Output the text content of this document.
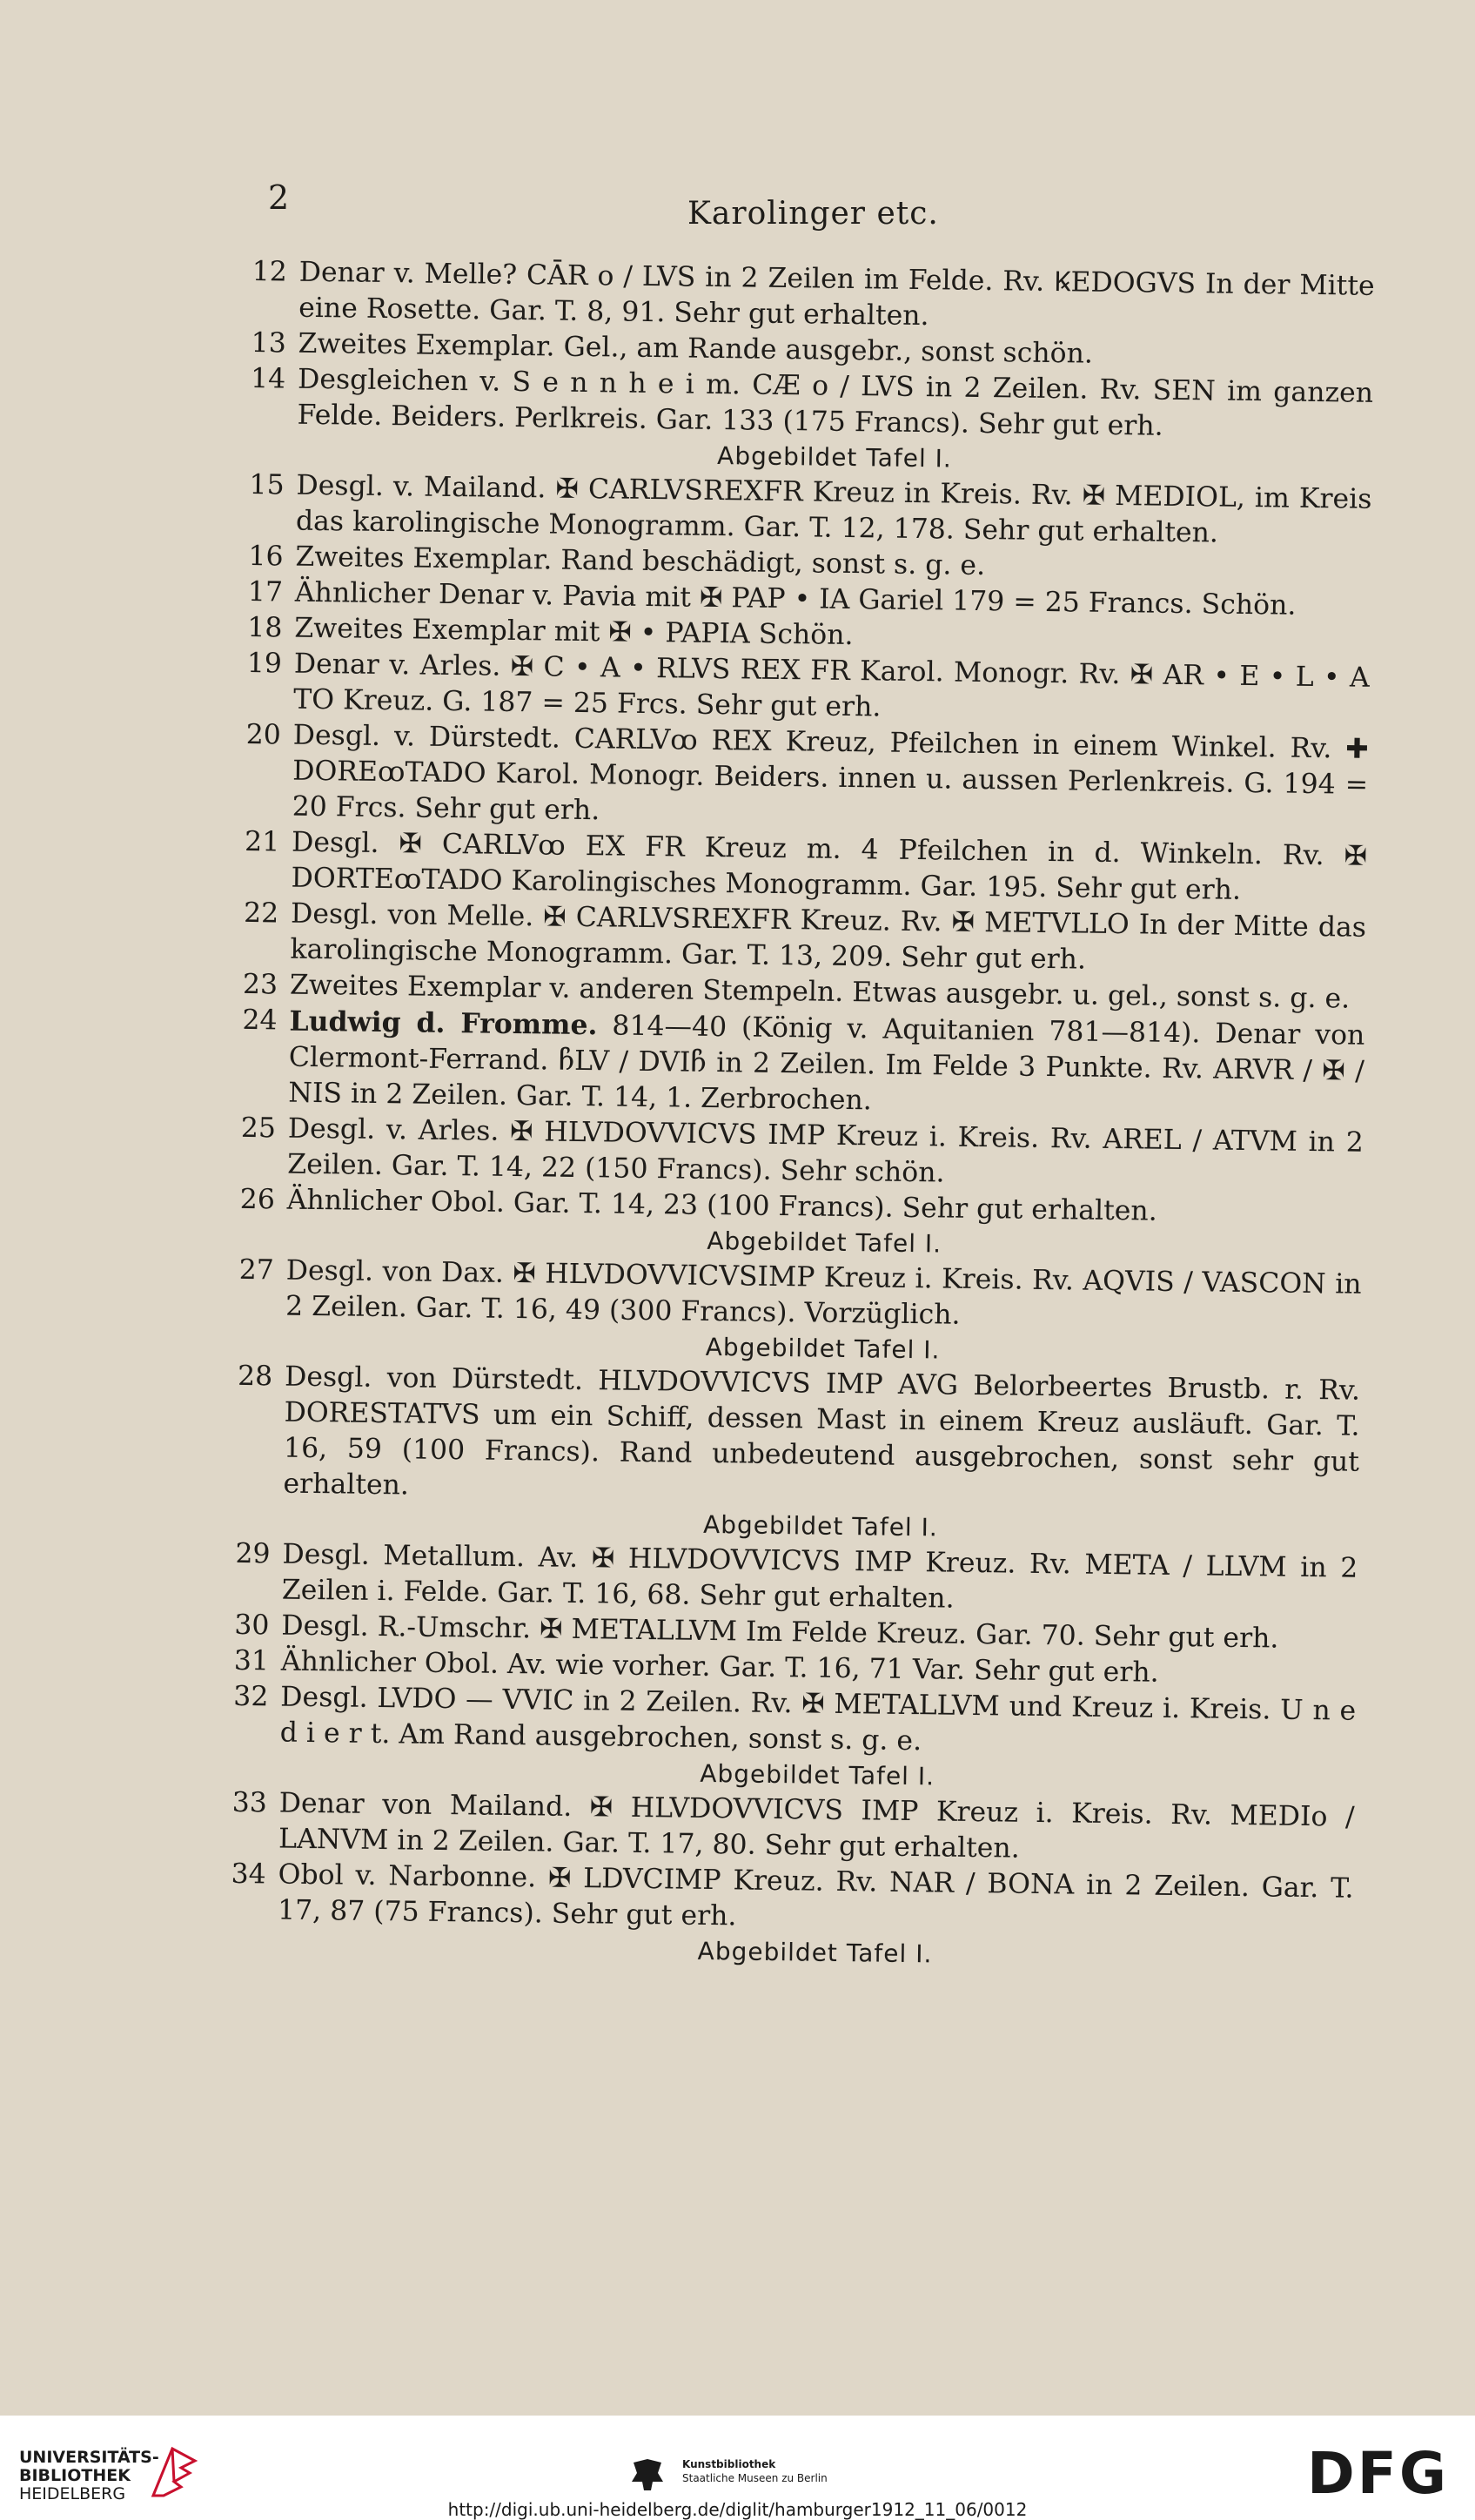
2	Karolinger etc.
12 Denar v. Melle? CĀR o / LVS in 2 Zeilen im Felde. Rv. ꝂEDOGVS In der Mitte eine Rosette. Gar. T. 8, 91. Sehr gut erhalten.
13 Zweites Exemplar. Gel., am Rande ausgebr., sonst schön.
14 Desgleichen v. S e n n h e i m. CÆ o / LVS in 2 Zeilen. Rv. SEN im ganzen Felde. Beiders. Perlkreis. Gar. 133 (175 Francs). Sehr gut erh.
Abgebildet Tafel I.
15 Desgl. v. Mailand. ✠ CARLVSREXFR Kreuz in Kreis. Rv. ✠ MEDIOL, im Kreis das karolingische Monogramm. Gar. T. 12, 178. Sehr gut erhalten.
16 Zweites Exemplar. Rand beschädigt, sonst s. g. e.
17 Ähnlicher Denar v. Pavia mit ✠ PAP • IA Gariel 179 = 25 Francs. Schön.
18 Zweites Exemplar mit ✠ • PAPIA Schön.
19 Denar v. Arles. ✠ C • A • RLVS REX FR Karol. Monogr. Rv. ✠ AR • E • L • A TO Kreuz. G. 187 = 25 Frcs. Sehr gut erh.
20 Desgl. v. Dürstedt. CARLVꝏ REX Kreuz, Pfeilchen in einem Winkel. Rv. ✚ DOREꝏTADO Karol. Monogr. Beiders. innen u. aussen Perlenkreis. G. 194 = 20 Frcs. Sehr gut erh.
21 Desgl. ✠ CARLVꝏ EX FR Kreuz m. 4 Pfeilchen in d. Winkeln. Rv. ✠ DORTEꝏTADO Karolingisches Monogramm. Gar. 195. Sehr gut erh.
22 Desgl. von Melle. ✠ CARLVSREXFR Kreuz. Rv. ✠ METVLLO In der Mitte das karolingische Monogramm. Gar. T. 13, 209. Sehr gut erh.
23 Zweites Exemplar v. anderen Stempeln. Etwas ausgebr. u. gel., sonst s. g. e.
24 Ludwig d. Fromme. 814—40 (König v. Aquitanien 781—814). Denar von Clermont-Ferrand. ჩLV / DVIჩ in 2 Zeilen. Im Felde 3 Punkte. Rv. ARVR / ✠ / NIS in 2 Zeilen. Gar. T. 14, 1. Zerbrochen.
25 Desgl. v. Arles. ✠ HLVDOVVICVS IMP Kreuz i. Kreis. Rv. AREL / ATVM in 2 Zeilen. Gar. T. 14, 22 (150 Francs). Sehr schön.
26 Ähnlicher Obol. Gar. T. 14, 23 (100 Francs). Sehr gut erhalten.
Abgebildet Tafel I.
27 Desgl. von Dax. ✠ HLVDOVVICVSIMP Kreuz i. Kreis. Rv. AQVIS / VASCON in 2 Zeilen. Gar. T. 16, 49 (300 Francs). Vorzüglich.
Abgebildet Tafel I.
28 Desgl. von Dürstedt. HLVDOVVICVS IMP AVG Belorbeertes Brustb. r. Rv. DORESTATVS um ein Schiff, dessen Mast in einem Kreuz ausläuft. Gar. T. 16, 59 (100 Francs). Rand unbedeutend ausgebrochen, sonst sehr gut erhalten.
Abgebildet Tafel I.
29 Desgl. Metallum. Av. ✠ HLVDOVVICVS IMP Kreuz. Rv. META / LLVM in 2 Zeilen i. Felde. Gar. T. 16, 68. Sehr gut erhalten.
30 Desgl. R.-Umschr. ✠ METALLVM Im Felde Kreuz. Gar. 70. Sehr gut erh.
31 Ähnlicher Obol. Av. wie vorher. Gar. T. 16, 71 Var. Sehr gut erh.
32 Desgl. LVDO — VVIC in 2 Zeilen. Rv. ✠ METALLVM und Kreuz i. Kreis. U n e d i e r t. Am Rand ausgebrochen, sonst s. g. e.
Abgebildet Tafel I.
33 Denar von Mailand. ✠ HLVDOVVICVS IMP Kreuz i. Kreis. Rv. MEDIo / LANVM in 2 Zeilen. Gar. T. 17, 80. Sehr gut erhalten.
34 Obol v. Narbonne. ✠ LDVCIMP Kreuz. Rv. NAR / BONA in 2 Zeilen. Gar. T. 17, 87 (75 Francs). Sehr gut erh.
Abgebildet Tafel I.
UNIVERSITÄTS-
BIBLIOTHEK
HEIDELBERG
Kunstbibliothek
Staatliche Museen zu Berlin	DFG
http://digi.ub.uni-heidelberg.de/diglit/hamburger1912_11_06/0012
